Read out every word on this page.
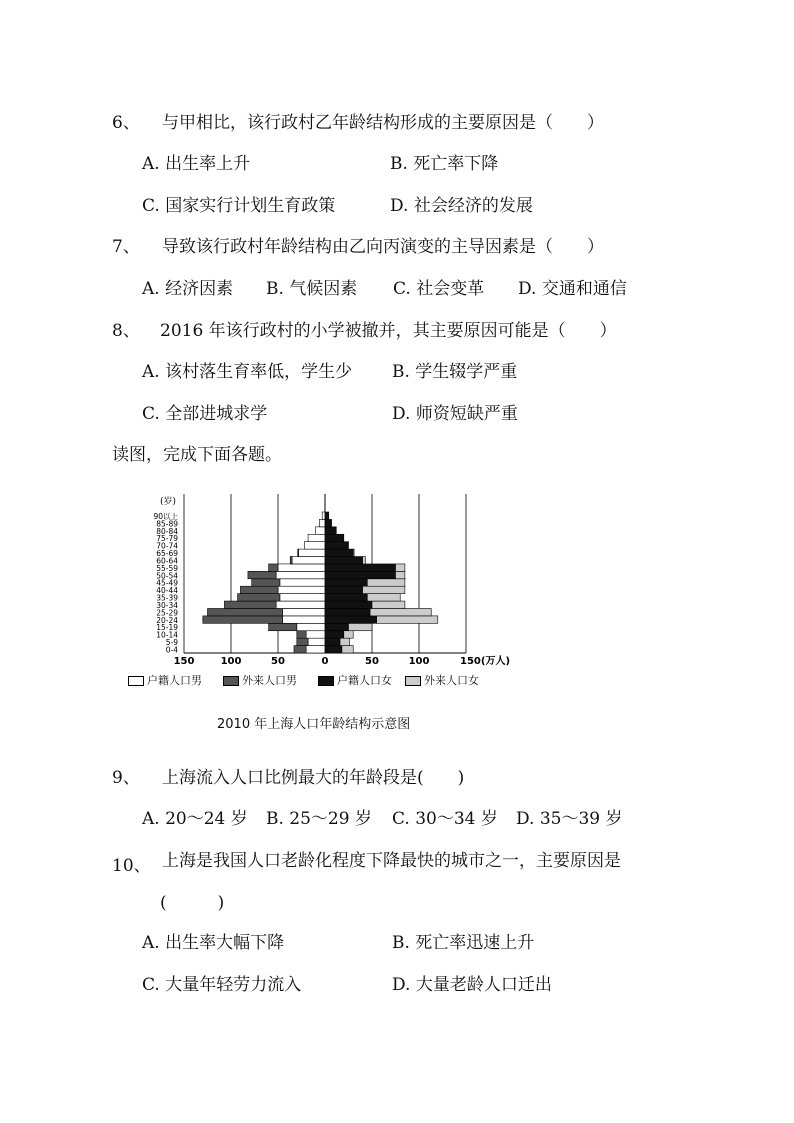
6、 与甲相比，该行政村乙年龄结构形成的主要原因是（　　）
A. 出生率上升	B. 死亡率下降
C. 国家实行计划生育政策	D. 社会经济的发展
7、 导致该行政村年龄结构由乙向丙演变的主导因素是（　　）
A. 经济因素 B. 气候因素 C. 社会变革 D. 交通和通信
8、 2016 年该行政村的小学被撤并，其主要原因可能是（　　）
A. 该村落生育率低，学生少 B. 学生辍学严重
C. 全部进城求学	D. 师资短缺严重
读图，完成下面各题。
(岁)
150	100	50	0	50	100	150(万人)
0-4
5-9
10-14
15-19
20-24
25-29
30-34
35-39
40-44
45-49
50-54
55-59
60-64
65-69
70-74
75-79
80-84
85-89
90以上
户籍人口男	外来人口男	户籍人口女	外来人口女
2010 年上海人口年龄结构示意图
9、 上海流入人口比例最大的年龄段是(　　)
A. 20～24 岁 B. 25～29 岁 C. 30～34 岁 D. 35～39 岁
10、 上海是我国人口老龄化程度下降最快的城市之一，主要原因是
(　　　)
A. 出生率大幅下降	B. 死亡率迅速上升
C. 大量年轻劳力流入	D. 大量老龄人口迁出
